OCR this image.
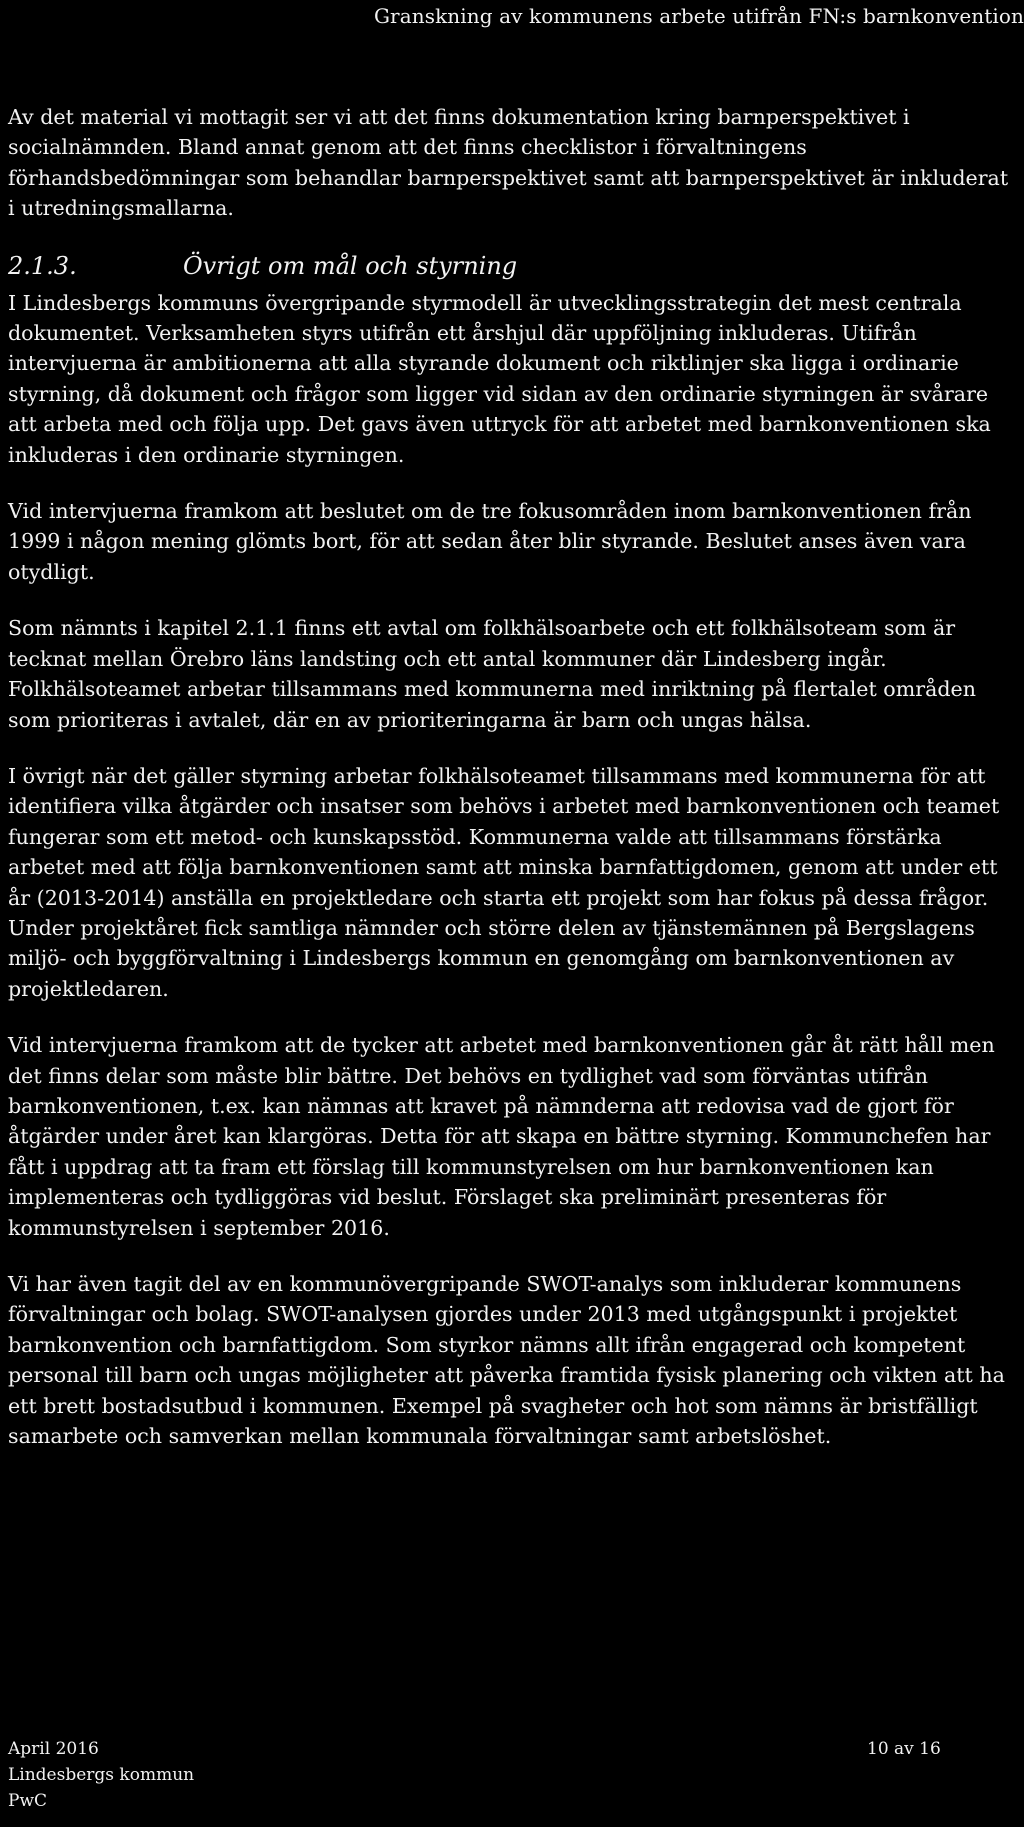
Granskning av kommunens arbete utifrån FN:s barnkonvention

Av det material vi mottagit ser vi att det finns dokumentation kring barnperspektivet i socialnämnden. Bland annat genom att det finns checklistor i förvaltningens förhandsbedömningar som behandlar barnperspektivet samt att barnperspektivet är inkluderat i utredningsmallarna.

2.1.3.	Övrigt om mål och styrning

I Lindesbergs kommuns övergripande styrmodell är utvecklingsstrategin det mest centrala dokumentet. Verksamheten styrs utifrån ett årshjul där uppföljning inkluderas. Utifrån intervjuerna är ambitionerna att alla styrande dokument och riktlinjer ska ligga i ordinarie styrning, då dokument och frågor som ligger vid sidan av den ordinarie styrningen är svårare att arbeta med och följa upp. Det gavs även uttryck för att arbetet med barnkonventionen ska inkluderas i den ordinarie styrningen.

Vid intervjuerna framkom att beslutet om de tre fokusområden inom barnkonventionen från 1999 i någon mening glömts bort, för att sedan åter blir styrande. Beslutet anses även vara otydligt.

Som nämnts i kapitel 2.1.1 finns ett avtal om folkhälsoarbete och ett folkhälsoteam som är tecknat mellan Örebro läns landsting och ett antal kommuner där Lindesberg ingår. Folkhälsoteamet arbetar tillsammans med kommunerna med inriktning på flertalet områden som prioriteras i avtalet, där en av prioriteringarna är barn och ungas hälsa.

I övrigt när det gäller styrning arbetar folkhälsoteamet tillsammans med kommunerna för att identifiera vilka åtgärder och insatser som behövs i arbetet med barnkonventionen och teamet fungerar som ett metod- och kunskapsstöd. Kommunerna valde att tillsammans förstärka arbetet med att följa barnkonventionen samt att minska barnfattigdomen, genom att under ett år (2013-2014) anställa en projektledare och starta ett projekt som har fokus på dessa frågor. Under projektåret fick samtliga nämnder och större delen av tjänstemännen på Bergslagens miljö- och byggförvaltning i Lindesbergs kommun en genomgång om barnkonventionen av projektledaren.

Vid intervjuerna framkom att de tycker att arbetet med barnkonventionen går åt rätt håll men det finns delar som måste blir bättre. Det behövs en tydlighet vad som förväntas utifrån barnkonventionen, t.ex. kan nämnas att kravet på nämnderna att redovisa vad de gjort för åtgärder under året kan klargöras. Detta för att skapa en bättre styrning. Kommunchefen har fått i uppdrag att ta fram ett förslag till kommunstyrelsen om hur barnkonventionen kan implementeras och tydliggöras vid beslut. Förslaget ska preliminärt presenteras för kommunstyrelsen i september 2016.

Vi har även tagit del av en kommunövergripande SWOT-analys som inkluderar kommunens förvaltningar och bolag. SWOT-analysen gjordes under 2013 med utgångspunkt i projektet barnkonvention och barnfattigdom. Som styrkor nämns allt ifrån engagerad och kompetent personal till barn och ungas möjligheter att påverka framtida fysisk planering och vikten att ha ett brett bostadsutbud i kommunen. Exempel på svagheter och hot som nämns är bristfälligt samarbete och samverkan mellan kommunala förvaltningar samt arbetslöshet.

April 2016
Lindesbergs kommun
PwC
10 av 16
